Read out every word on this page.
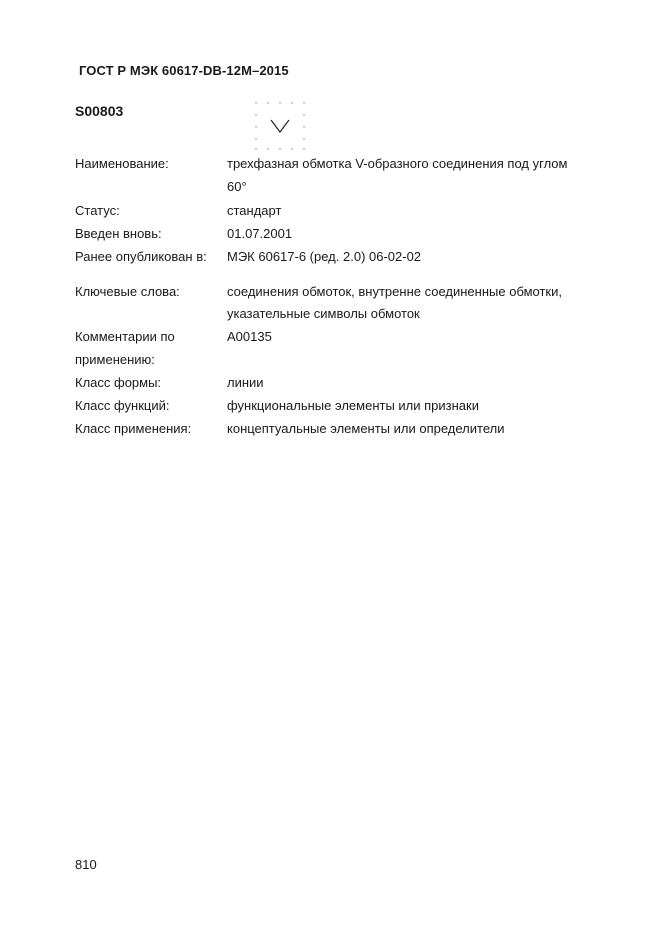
ГОСТ Р МЭК 60617-DB-12M–2015
S00803
Наименование:	трехфазная обмотка V-образного соединения под углом
60°
Статус:	стандарт
Введен вновь:	01.07.2001
Ранее опубликован в:	МЭК 60617-6 (ред. 2.0) 06-02-02
Ключевые слова:	соединения обмоток, внутренне соединенные обмотки,
указательные символы обмоток
Комментарии по	A00135
применению:
Класс формы:	линии
Класс функций:	функциональные элементы или признаки
Класс применения:	концептуальные элементы или определители
810
